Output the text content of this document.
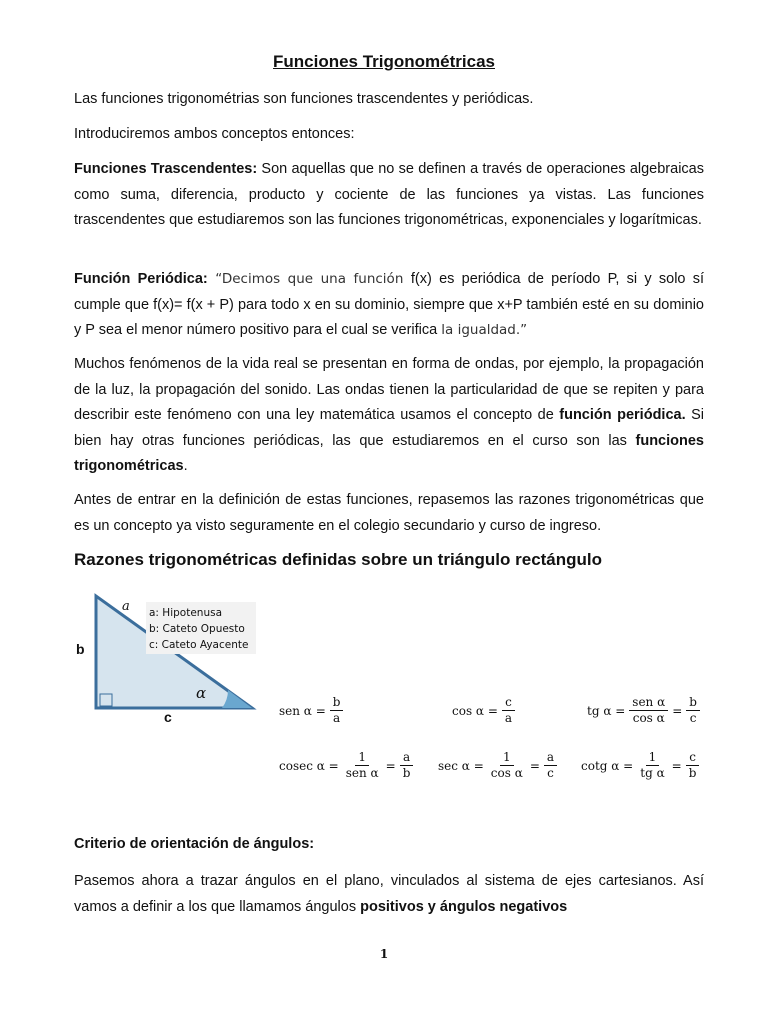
Funciones Trigonométricas

Las funciones trigonométrias son funciones trascendentes y periódicas.

Introduciremos ambos conceptos entonces:

Funciones Trascendentes: Son aquellas que no se definen a través de operaciones algebraicas como suma, diferencia, producto y cociente de las funciones ya vistas. Las funciones trascendentes que estudiaremos son las funciones trigonométricas, exponenciales y logarítmicas.

Función Periódica: “Decimos que una función f(x) es periódica de período P, si y solo sí cumple que f(x)= f(x + P) para todo x en su dominio, siempre que x+P también esté en su dominio y P sea el menor número positivo para el cual se verifica la igualdad.”

Muchos fenómenos de la vida real se presentan en forma de ondas, por ejemplo, la propagación de la luz, la propagación del sonido. Las ondas tienen la particularidad de que se repiten y para describir este fenómeno con una ley matemática usamos el concepto de función periódica. Si bien hay otras funciones periódicas, las que estudiaremos en el curso son las funciones trigonométricas.

Antes de entrar en la definición de estas funciones, repasemos las razones trigonométricas que es un concepto ya visto seguramente en el colegio secundario y curso de ingreso.

Razones trigonométricas definidas sobre un triángulo rectángulo
a
b
c
α
a: Hipotenusa
b: Cateto Opuesto
c: Cateto Ayacente
sen $\alpha = \frac{b}{a}$	$\cos \alpha = \frac{c}{a}$	tg $\alpha = \frac{\text{sen α}}{\text{cos α}} = \frac{b}{c}$
cosec $\alpha = \frac{1}{\text{sen α}} = \frac{a}{b}$ $\sec \alpha = \frac{1}{\text{cos α}} = \frac{a}{c}$ cotg $\alpha = \frac{1}{\text{tg α}} = \frac{c}{b}$
Criterio de orientación de ángulos:

Pasemos ahora a trazar ángulos en el plano, vinculados al sistema de ejes cartesianos. Así vamos a definir a los que llamamos ángulos positivos y ángulos negativos

1
